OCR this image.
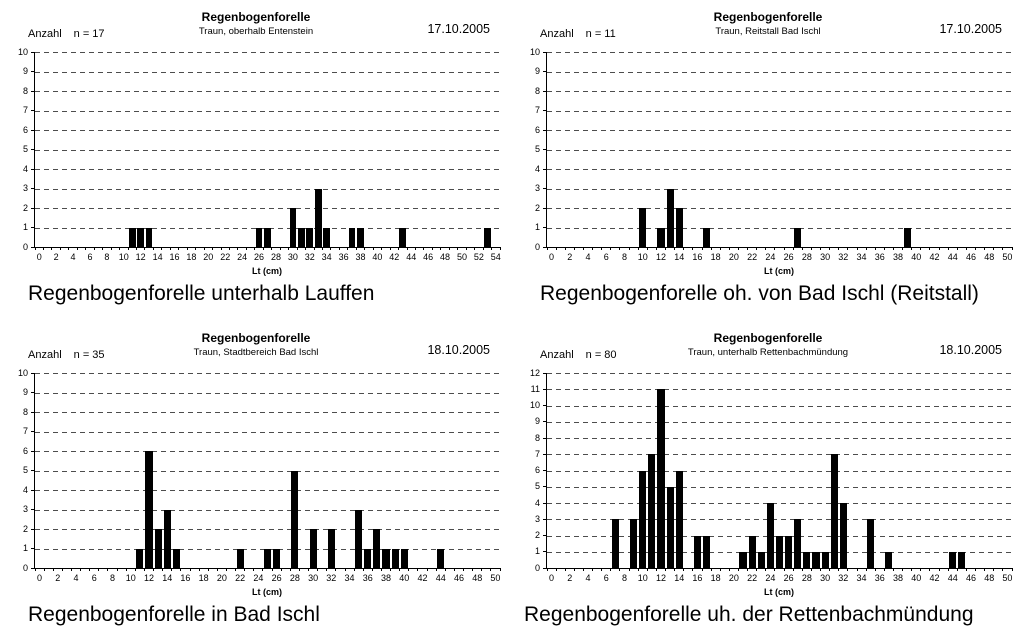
Anzahl n = 17
Regenbogenforelle
Traun, oberhalb Entenstein	17.10.2005
0
1
2
3
4
5
6
7
8
9
10
0 2 4 6 8 10 12 14 16 18 20 22 24 26 28 30 32 34 36 38 40 42 44 46 48 50 52 54
Lt (cm)
Regenbogenforelle unterhalb Lauffen
Anzahl n = 11
Regenbogenforelle
Traun, Reitstall Bad Ischl	17.10.2005
0
1
2
3
4
5
6
7
8
9
10
0 2 4 6 8 10 12 14 16 18 20 22 24 26 28 30 32 34 36 38 40 42 44 46 48 50
Lt (cm)
Regenbogenforelle oh. von Bad Ischl (Reitstall)
Anzahl n = 35
Regenbogenforelle
Traun, Stadtbereich Bad Ischl	18.10.2005
0
1
2
3
4
5
6
7
8
9
10
0 2 4 6 8 10 12 14 16 18 20 22 24 26 28 30 32 34 36 38 40 42 44 46 48 50
Lt (cm)
Regenbogenforelle in Bad Ischl
Anzahl n = 80
Regenbogenforelle
Traun, unterhalb Rettenbachmündung	18.10.2005
0
1
2
3
4
5
6
7
8
9
10
11
12
0 2 4 6 8 10 12 14 16 18 20 22 24 26 28 30 32 34 36 38 40 42 44 46 48 50
Lt (cm)
Regenbogenforelle uh. der Rettenbachmündung
